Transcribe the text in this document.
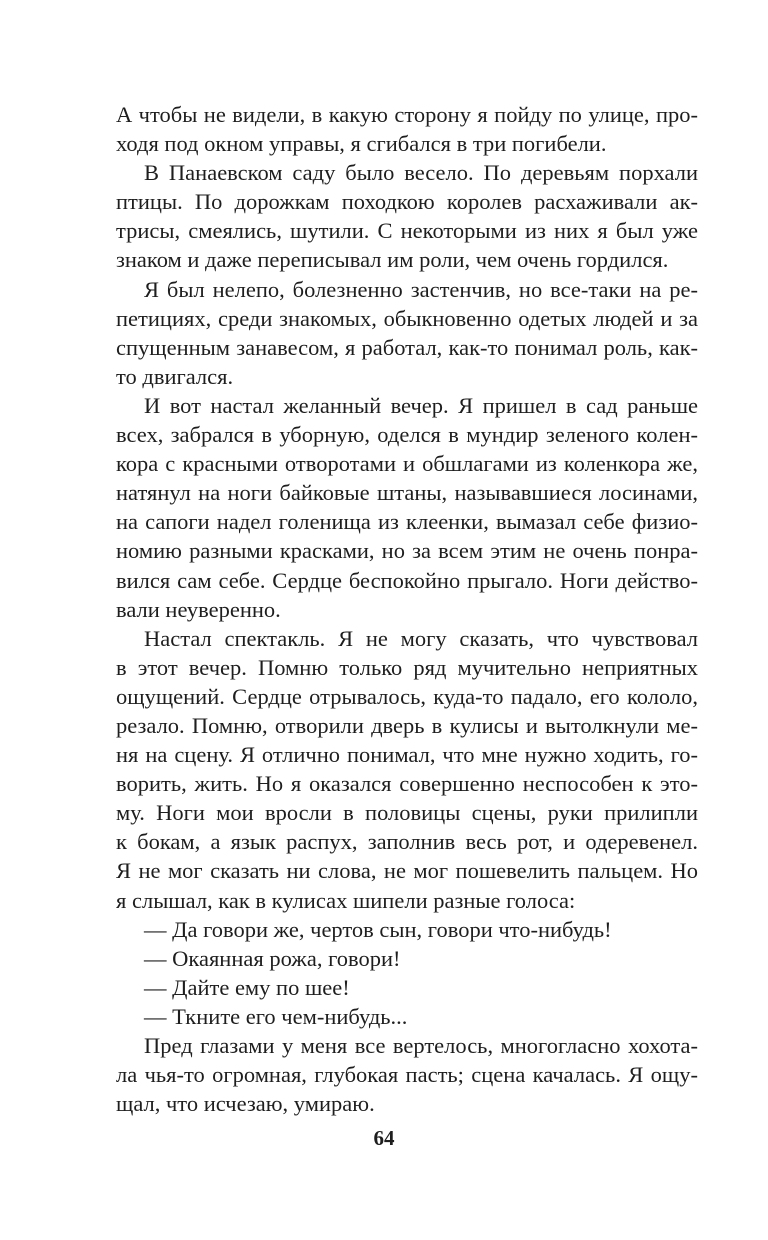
А чтобы не видели, в какую сторону я пойду по улице, про-
ходя под окном управы, я сгибался в три погибели.
В Панаевском саду было весело. По деревьям порхали
птицы. По дорожкам походкою королев расхаживали ак-
трисы, смеялись, шутили. С некоторыми из них я был уже
знаком и даже переписывал им роли, чем очень гордился.
Я был нелепо, болезненно застенчив, но все-таки на ре-
петициях, среди знакомых, обыкновенно одетых людей и за
спущенным занавесом, я работал, как-то понимал роль, как-
то двигался.
И вот настал желанный вечер. Я пришел в сад раньше
всех, забрался в уборную, оделся в мундир зеленого колен-
кора с красными отворотами и обшлагами из коленкора же,
натянул на ноги байковые штаны, называвшиеся лосинами,
на сапоги надел голенища из клеенки, вымазал себе физио-
номию разными красками, но за всем этим не очень понра-
вился сам себе. Сердце беспокойно прыгало. Ноги действо-
вали неуверенно.
Настал спектакль. Я не могу сказать, что чувствовал
в этот вечер. Помню только ряд мучительно неприятных
ощущений. Сердце отрывалось, куда-то падало, его кололо,
резало. Помню, отворили дверь в кулисы и вытолкнули ме-
ня на сцену. Я отлично понимал, что мне нужно ходить, го-
ворить, жить. Но я оказался совершенно неспособен к это-
му. Ноги мои вросли в половицы сцены, руки прилипли
к бокам, а язык распух, заполнив весь рот, и одеревенел.
Я не мог сказать ни слова, не мог пошевелить пальцем. Но
я слышал, как в кулисах шипели разные голоса:
— Да говори же, чертов сын, говори что-нибудь!
— Окаянная рожа, говори!
— Дайте ему по шее!
— Ткните его чем-нибудь...
Пред глазами у меня все вертелось, многогласно хохота-
ла чья-то огромная, глубокая пасть; сцена качалась. Я ощу-
щал, что исчезаю, умираю.
64
